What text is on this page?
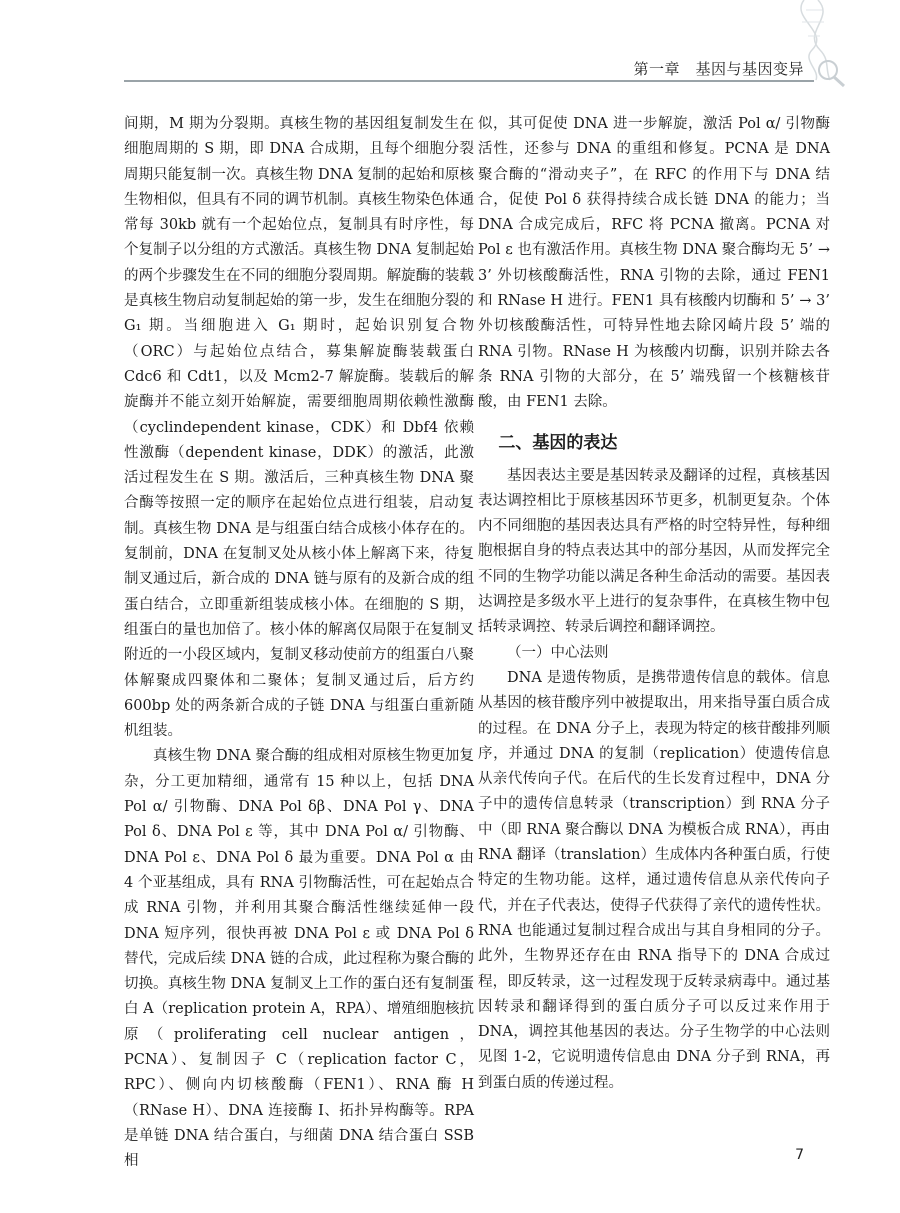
第一章　基因与基因变异

间期，M 期为分裂期。真核生物的基因组复制发生在细胞周期的 S 期，即 DNA 合成期，且每个细胞分裂周期只能复制一次。真核生物 DNA 复制的起始和原核生物相似，但具有不同的调节机制。真核生物染色体通常每 30kb 就有一个起始位点，复制具有时序性，每个复制子以分组的方式激活。真核生物 DNA 复制起始的两个步骤发生在不同的细胞分裂周期。解旋酶的装载是真核生物启动复制起始的第一步，发生在细胞分裂的 G₁ 期。当细胞进入 G₁ 期时，起始识别复合物（ORC）与起始位点结合，募集解旋酶装载蛋白 Cdc6 和 Cdt1，以及 Mcm2-7 解旋酶。装载后的解旋酶并不能立刻开始解旋，需要细胞周期依赖性激酶（cyclindependent kinase，CDK）和 Dbf4 依赖性激酶（dependent kinase，DDK）的激活，此激活过程发生在 S 期。激活后，三种真核生物 DNA 聚合酶等按照一定的顺序在起始位点进行组装，启动复制。真核生物 DNA 是与组蛋白结合成核小体存在的。复制前，DNA 在复制叉处从核小体上解离下来，待复制叉通过后，新合成的 DNA 链与原有的及新合成的组蛋白结合，立即重新组装成核小体。在细胞的 S 期，组蛋白的量也加倍了。核小体的解离仅局限于在复制叉附近的一小段区域内，复制叉移动使前方的组蛋白八聚体解聚成四聚体和二聚体；复制叉通过后，后方约 600bp 处的两条新合成的子链 DNA 与组蛋白重新随机组装。

真核生物 DNA 聚合酶的组成相对原核生物更加复杂，分工更加精细，通常有 15 种以上，包括 DNA Pol α/ 引物酶、DNA Pol δβ、DNA Pol γ、DNA Pol δ、DNA Pol ε 等，其中 DNA Pol α/ 引物酶、DNA Pol ε、DNA Pol δ 最为重要。DNA Pol α 由 4 个亚基组成，具有 RNA 引物酶活性，可在起始点合成 RNA 引物，并利用其聚合酶活性继续延伸一段 DNA 短序列，很快再被 DNA Pol ε 或 DNA Pol δ 替代，完成后续 DNA 链的合成，此过程称为聚合酶的切换。真核生物 DNA 复制叉上工作的蛋白还有复制蛋白 A（replication protein A，RPA）、增殖细胞核抗原（proliferating cell nuclear antigen，PCNA）、复制因子 C（replication factor C，RPC）、侧向内切核酸酶（FEN1）、RNA 酶 H（RNase H）、DNA 连接酶 Ⅰ、拓扑异构酶等。RPA 是单链 DNA 结合蛋白，与细菌 DNA 结合蛋白 SSB 相

似，其可促使 DNA 进一步解旋，激活 Pol α/ 引物酶活性，还参与 DNA 的重组和修复。PCNA 是 DNA 聚合酶的“滑动夹子”，在 RFC 的作用下与 DNA 结合，促使 Pol δ 获得持续合成长链 DNA 的能力；当 DNA 合成完成后，RFC 将 PCNA 撤离。PCNA 对 Pol ε 也有激活作用。真核生物 DNA 聚合酶均无 5’ → 3’ 外切核酸酶活性，RNA 引物的去除，通过 FEN1 和 RNase H 进行。FEN1 具有核酸内切酶和 5’ → 3’ 外切核酸酶活性，可特异性地去除冈崎片段 5’ 端的 RNA 引物。RNase H 为核酸内切酶，识别并除去各条 RNA 引物的大部分，在 5’ 端残留一个核糖核苷酸，由 FEN1 去除。

二、基因的表达

基因表达主要是基因转录及翻译的过程，真核基因表达调控相比于原核基因环节更多，机制更复杂。个体内不同细胞的基因表达具有严格的时空特异性，每种细胞根据自身的特点表达其中的部分基因，从而发挥完全不同的生物学功能以满足各种生命活动的需要。基因表达调控是多级水平上进行的复杂事件，在真核生物中包括转录调控、转录后调控和翻译调控。

（一）中心法则

DNA 是遗传物质，是携带遗传信息的载体。信息从基因的核苷酸序列中被提取出，用来指导蛋白质合成的过程。在 DNA 分子上，表现为特定的核苷酸排列顺序，并通过 DNA 的复制（replication）使遗传信息从亲代传向子代。在后代的生长发育过程中，DNA 分子中的遗传信息转录（transcription）到 RNA 分子中（即 RNA 聚合酶以 DNA 为模板合成 RNA），再由 RNA 翻译（translation）生成体内各种蛋白质，行使特定的生物功能。这样，通过遗传信息从亲代传向子代，并在子代表达，使得子代获得了亲代的遗传性状。RNA 也能通过复制过程合成出与其自身相同的分子。此外，生物界还存在由 RNA 指导下的 DNA 合成过程，即反转录，这一过程发现于反转录病毒中。通过基因转录和翻译得到的蛋白质分子可以反过来作用于 DNA，调控其他基因的表达。分子生物学的中心法则见图 1-2，它说明遗传信息由 DNA 分子到 RNA，再到蛋白质的传递过程。

7
